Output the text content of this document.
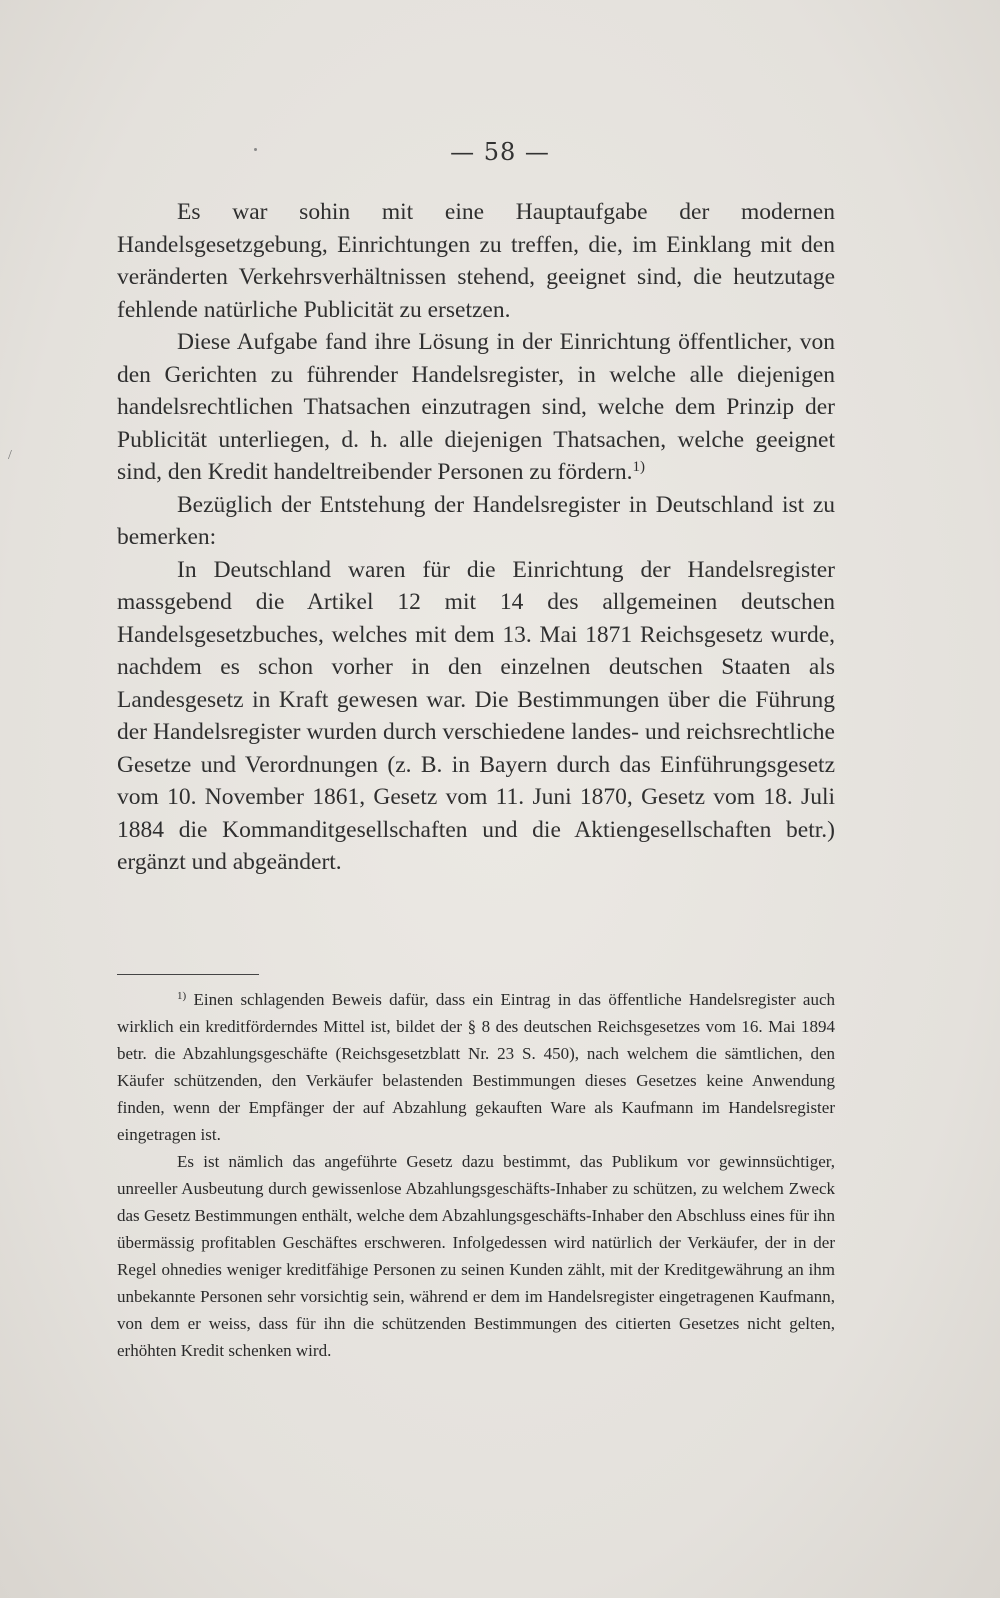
/
— 58 —

Es war sohin mit eine Hauptaufgabe der modernen Handelsgesetzgebung, Einrichtungen zu treffen, die, im Einklang mit den veränderten Verkehrsverhältnissen stehend, geeignet sind, die heutzutage fehlende natürliche Publicität zu ersetzen.

Diese Aufgabe fand ihre Lösung in der Einrichtung öffentlicher, von den Gerichten zu führender Handelsregister, in welche alle diejenigen handelsrechtlichen Thatsachen einzutragen sind, welche dem Prinzip der Publicität unterliegen, d. h. alle diejenigen Thatsachen, welche geeignet sind, den Kredit handeltreibender Personen zu fördern.$^{1)}$

Bezüglich der Entstehung der Handelsregister in Deutschland ist zu bemerken:

In Deutschland waren für die Einrichtung der Handelsregister massgebend die Artikel 12 mit 14 des allgemeinen deutschen Handelsgesetzbuches, welches mit dem 13. Mai 1871 Reichsgesetz wurde, nachdem es schon vorher in den einzelnen deutschen Staaten als Landesgesetz in Kraft gewesen war. Die Bestimmungen über die Führung der Handelsregister wurden durch verschiedene landes- und reichsrechtliche Gesetze und Verordnungen (z. B. in Bayern durch das Einführungsgesetz vom 10. November 1861, Gesetz vom 11. Juni 1870, Gesetz vom 18. Juli 1884 die Kommanditgesellschaften und die Aktiengesellschaften betr.) ergänzt und abgeändert.

$^{1)}$ Einen schlagenden Beweis dafür, dass ein Eintrag in das öffentliche Handelsregister auch wirklich ein kreditförderndes Mittel ist, bildet der § 8 des deutschen Reichsgesetzes vom 16. Mai 1894 betr. die Abzahlungsgeschäfte (Reichsgesetzblatt Nr. 23 S. 450), nach welchem die sämtlichen, den Käufer schützenden, den Verkäufer belastenden Bestimmungen dieses Gesetzes keine Anwendung finden, wenn der Empfänger der auf Abzahlung gekauften Ware als Kaufmann im Handelsregister eingetragen ist.

Es ist nämlich das angeführte Gesetz dazu bestimmt, das Publikum vor gewinnsüchtiger, unreeller Ausbeutung durch gewissenlose Abzahlungsgeschäfts-Inhaber zu schützen, zu welchem Zweck das Gesetz Bestimmungen enthält, welche dem Abzahlungsgeschäfts-Inhaber den Abschluss eines für ihn übermässig profitablen Geschäftes erschweren. Infolgedessen wird natürlich der Verkäufer, der in der Regel ohnedies weniger kreditfähige Personen zu seinen Kunden zählt, mit der Kreditgewährung an ihm unbekannte Personen sehr vorsichtig sein, während er dem im Handelsregister eingetragenen Kaufmann, von dem er weiss, dass für ihn die schützenden Bestimmungen des citierten Gesetzes nicht gelten, erhöhten Kredit schenken wird.
